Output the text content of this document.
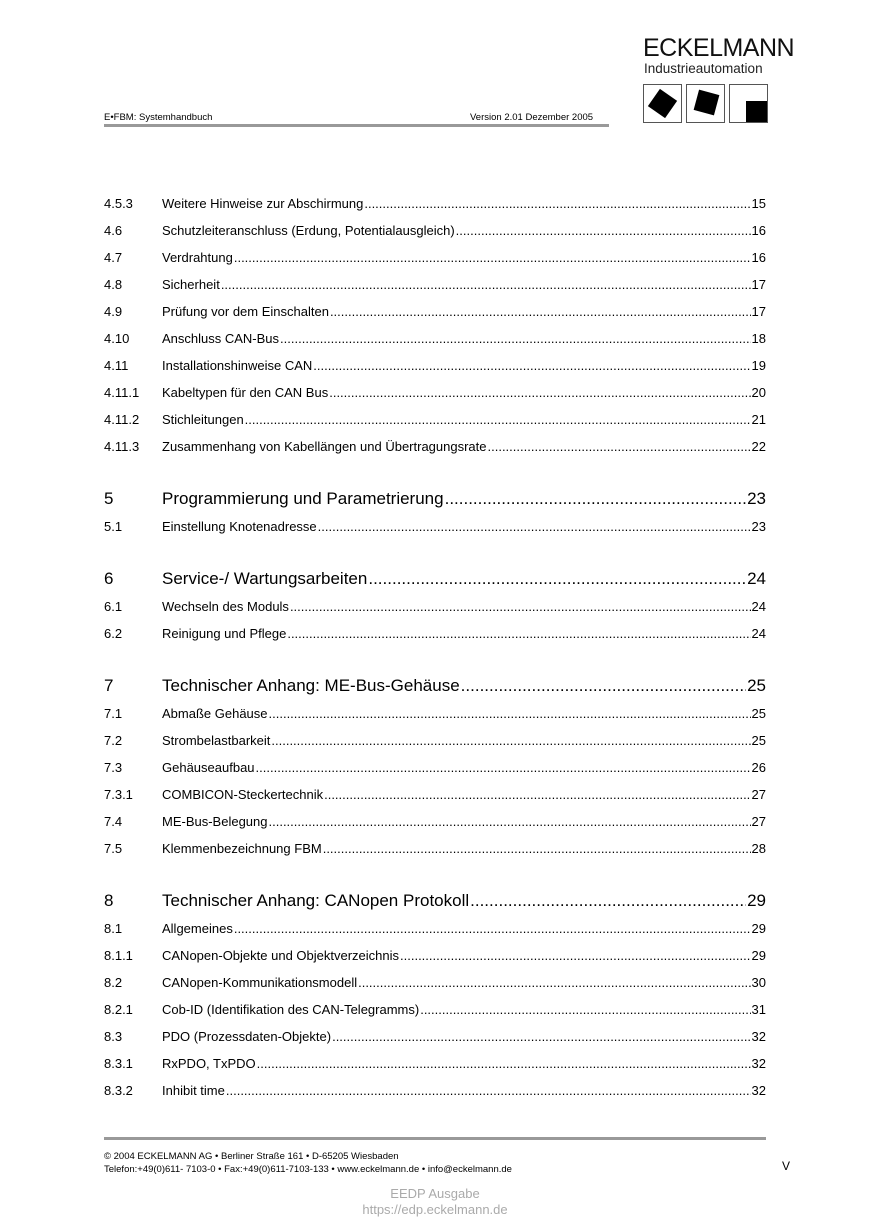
E•FBM: Systemhandbuch	Version 2.01 Dezember 2005
ECKELMANN
Industrieautomation
4.5.3	Weitere Hinweise zur Abschirmung .....	15
4.6	Schutzleiteranschluss (Erdung, Potentialausgleich) .....	16
4.7	Verdrahtung .....	16
4.8	Sicherheit .....	17
4.9	Prüfung vor dem Einschalten .....	17
4.10	Anschluss CAN-Bus .....	18
4.11	Installationshinweise CAN .....	19
4.11.1	Kabeltypen für den CAN Bus .....	20
4.11.2	Stichleitungen .....	21
4.11.3	Zusammenhang von Kabellängen und Übertragungsrate .....	22
5	Programmierung und Parametrierung .....	23
5.1	Einstellung Knotenadresse .....	23
6	Service-/ Wartungsarbeiten .....	24
6.1	Wechseln des Moduls .....	24
6.2	Reinigung und Pflege .....	24
7	Technischer Anhang: ME-Bus-Gehäuse .....	25
7.1	Abmaße Gehäuse .....	25
7.2	Strombelastbarkeit .....	25
7.3	Gehäuseaufbau .....	26
7.3.1	COMBICON-Steckertechnik .....	27
7.4	ME-Bus-Belegung .....	27
7.5	Klemmenbezeichnung FBM .....	28
8	Technischer Anhang: CANopen Protokoll .....	29
8.1	Allgemeines .....	29
8.1.1	CANopen-Objekte und Objektverzeichnis .....	29
8.2	CANopen-Kommunikationsmodell .....	30
8.2.1	Cob-ID (Identifikation des CAN-Telegramms) .....	31
8.3	PDO (Prozessdaten-Objekte) .....	32
8.3.1	RxPDO, TxPDO .....	32
8.3.2	Inhibit time .....	32
© 2004 ECKELMANN AG • Berliner Straße 161 • D-65205 Wiesbaden
Telefon:+49(0)611- 7103-0 • Fax:+49(0)611-7103-133 • www.eckelmann.de • info@eckelmann.de	V
EEDP Ausgabe
https://edp.eckelmann.de
